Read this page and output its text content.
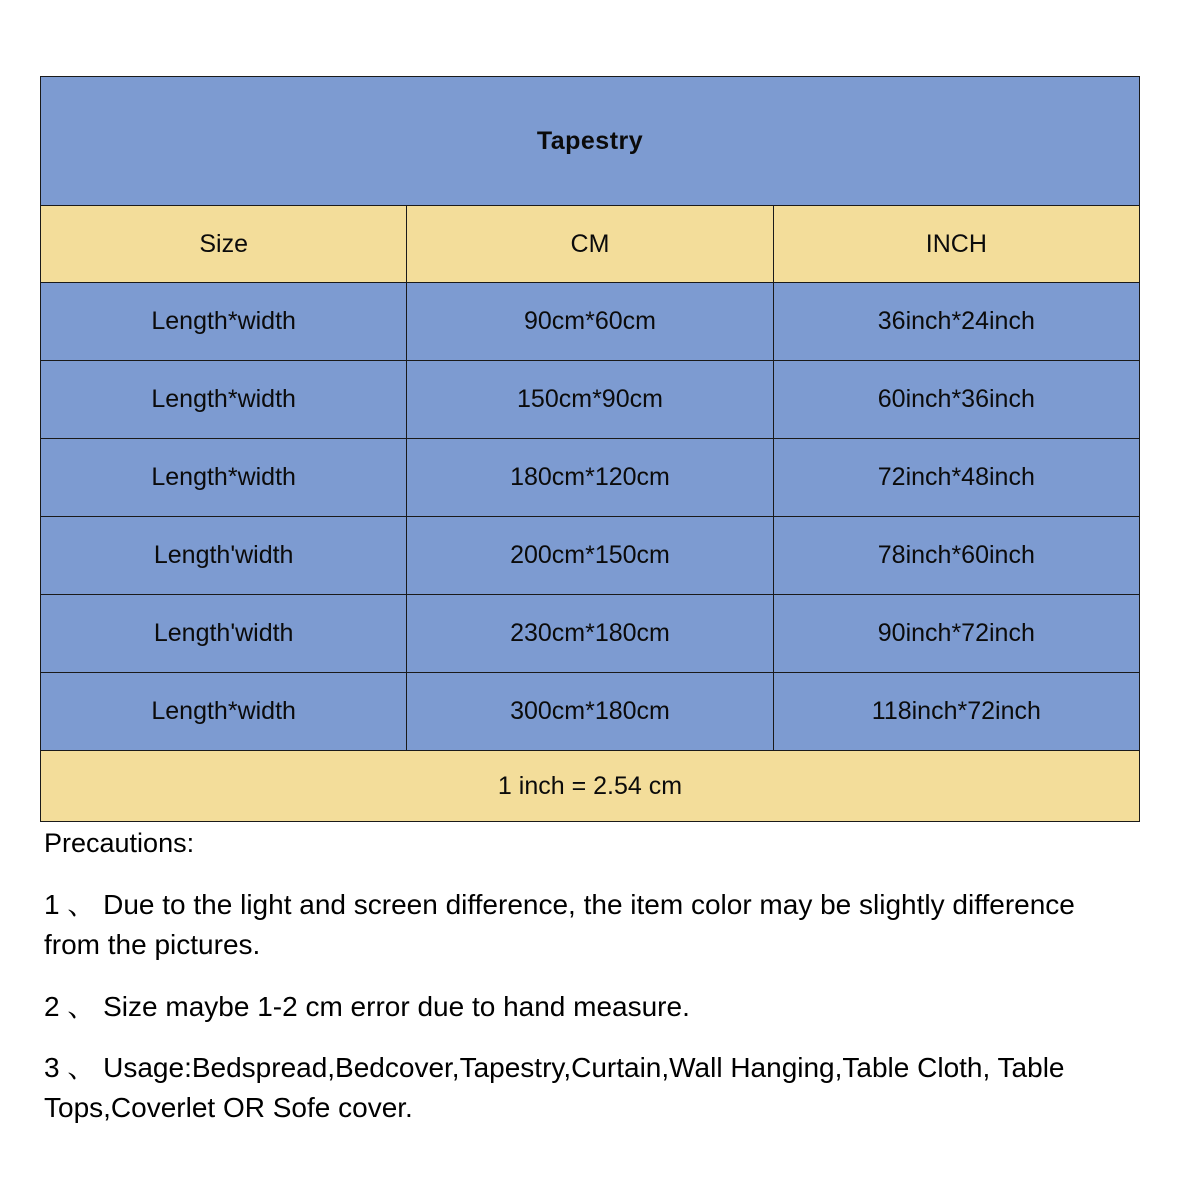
Tapestry		
Size	CM	INCH
Length*width	90cm*60cm	36inch*24inch
Length*width	150cm*90cm	60inch*36inch
Length*width	180cm*120cm	72inch*48inch
Length'width	200cm*150cm	78inch*60inch
Length'width	230cm*180cm	90inch*72inch
Length*width	300cm*180cm	118inch*72inch
1 inch = 2.54 cm		
Precautions:
1 、 Due to the light and screen difference, the item color may be slightly difference from the pictures.
2 、 Size maybe 1-2 cm error due to hand measure.
3 、 Usage:Bedspread,Bedcover,Tapestry,Curtain,Wall Hanging,Table Cloth, Table Tops,Coverlet OR Sofe cover.
